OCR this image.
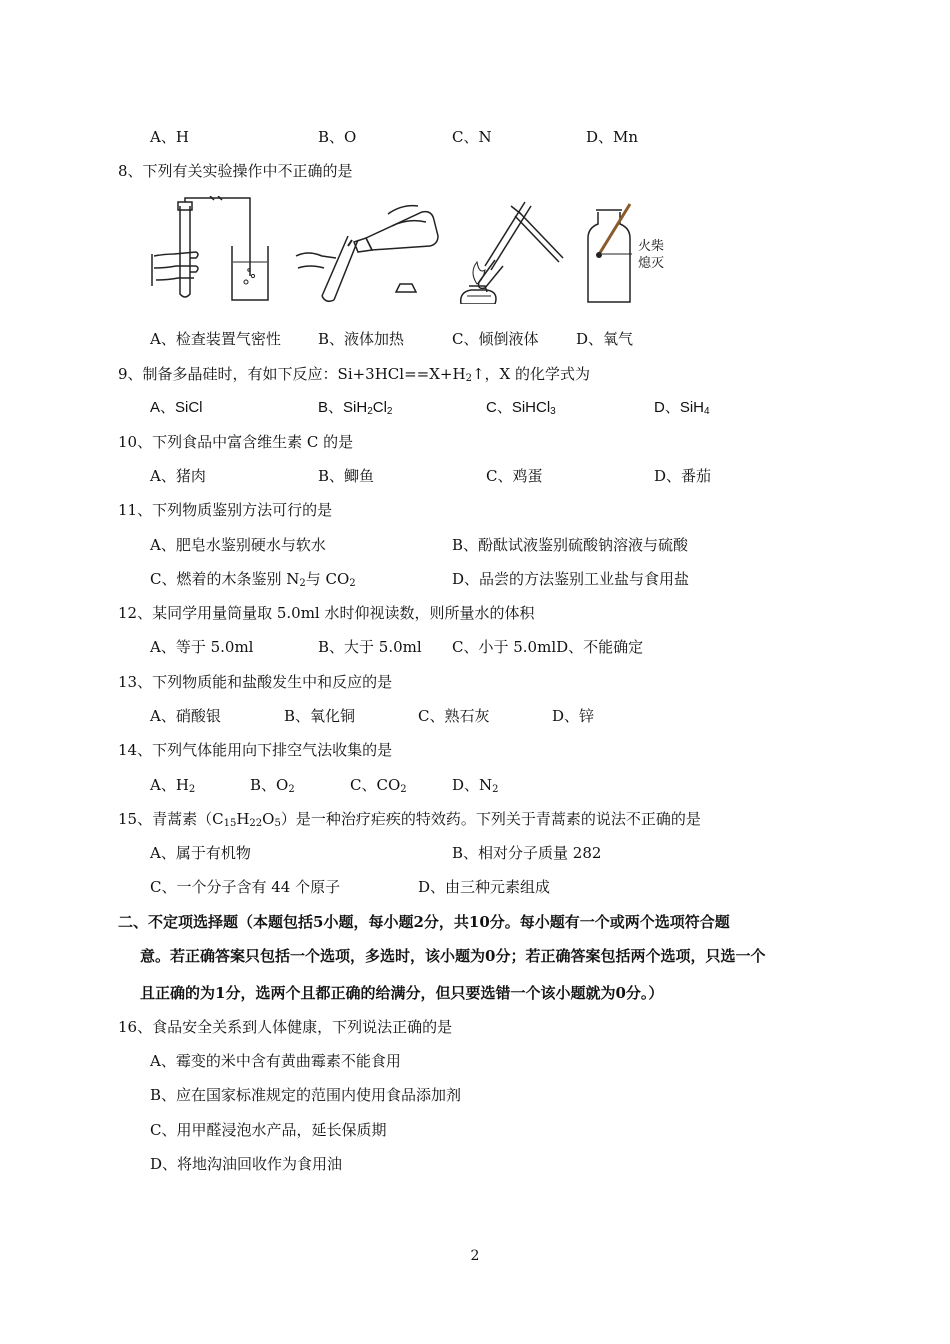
A、H	B、O	C、N	D、Mn
8、下列有关实验操作中不正确的是
火柴
熄灭
A、检查装置气密性 B、液体加热	C、倾倒液体	D、氧气
9、制备多晶硅时，有如下反应：$Si+3HCl==X+H_2↑$，X 的化学式为
A、SiCl	B、$SiH_2Cl_2$	C、SiHCl$_3$	D、SiH$_4$
10、下列食品中富含维生素 C 的是
A、猪肉	B、鲫鱼	C、鸡蛋	D、番茄
11、下列物质鉴别方法可行的是
A、肥皂水鉴别硬水与软水	B、酚酞试液鉴别硫酸钠溶液与硫酸
C、燃着的木条鉴别 $N_2$与 $CO_2$	D、品尝的方法鉴别工业盐与食用盐
12、某同学用量筒量取 5.0ml 水时仰视读数，则所量水的体积
A、等于 5.0ml	B、大于 5.0ml C、小于 5.0mlD、不能确定
13、下列物质能和盐酸发生中和反应的是
A、硝酸银	B、氧化铜	C、熟石灰	D、锌
14、下列气体能用向下排空气法收集的是
A、$H_2$	B、$O_2$	C、$CO_2$	D、$N_2$
15、青蒿素$(C_{15}H_{22}O_5)$是一种治疗疟疾的特效药。下列关于青蒿素的说法不正确的是
A、属于有机物	B、相对分子质量 282
C、一个分子含有 44 个原子	D、由三种元素组成
二、不定项选择题（本题包括5小题，每小题2分，共10分。每小题有一个或两个选项符合题
意。若正确答案只包括一个选项，多选时，该小题为0分；若正确答案包括两个选项，只选一个
且正确的为1分，选两个且都正确的给满分，但只要选错一个该小题就为0分。）
16、食品安全关系到人体健康，下列说法正确的是
A、霉变的米中含有黄曲霉素不能食用
B、应在国家标准规定的范围内使用食品添加剂
C、用甲醛浸泡水产品，延长保质期
D、将地沟油回收作为食用油
2
